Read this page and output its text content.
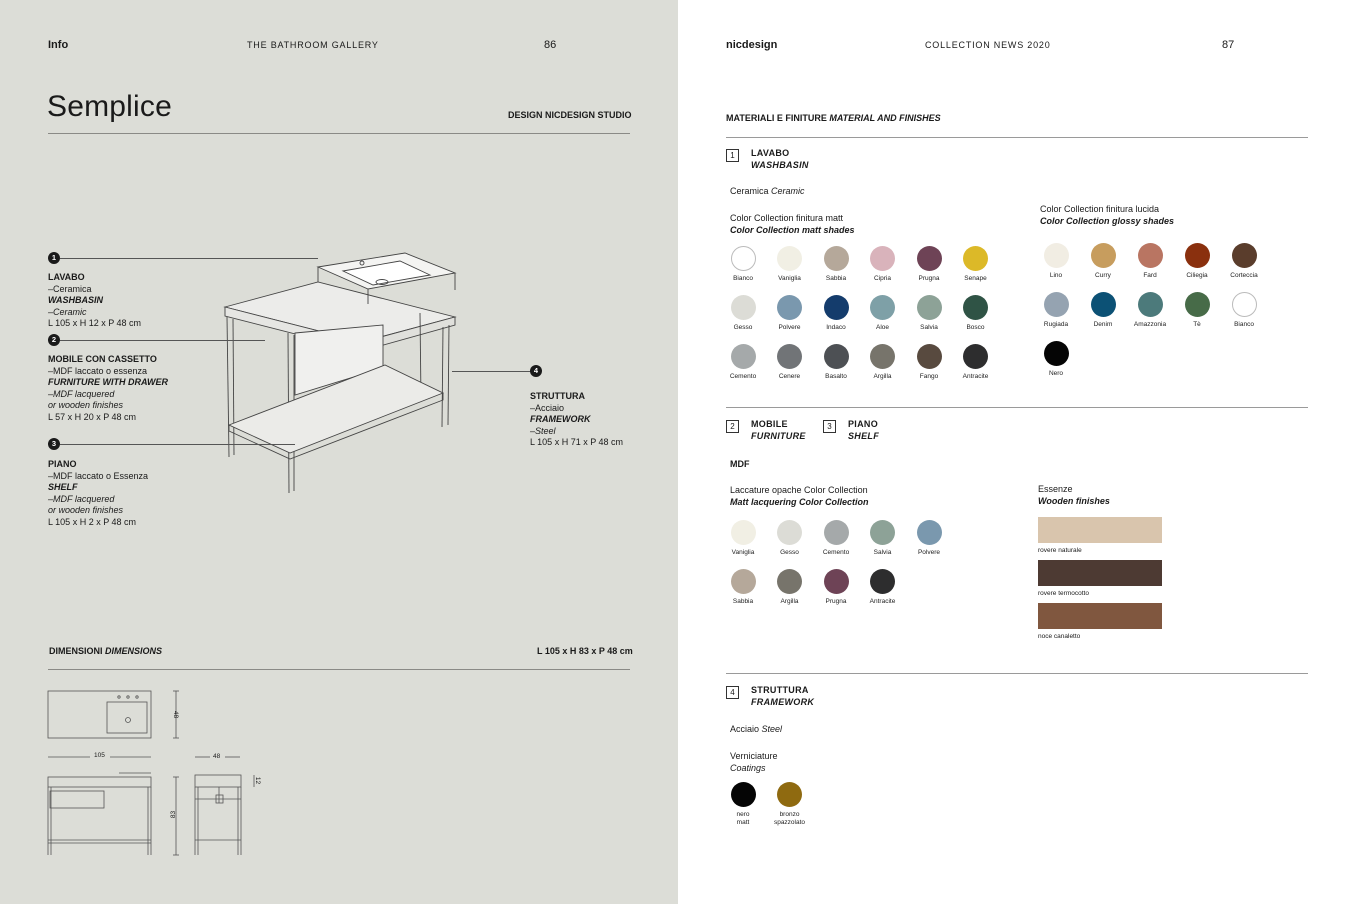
Info	THE BATHROOM GALLERY	86
Semplice	DESIGN NICDESIGN STUDIO
1
LAVABO
–Ceramica
WASHBASIN
–Ceramic
L 105 x H 12 x P 48 cm
2
MOBILE CON CASSETTO
–MDF laccato o essenza
FURNITURE WITH DRAWER
–MDF lacquered
or wooden finishes
L 57 x H 20 x P 48 cm
3
PIANO
–MDF laccato o Essenza
SHELF
–MDF lacquered
or wooden finishes
L 105 x H 2 x P 48 cm
4
STRUTTURA
–Acciaio
FRAMEWORK
–Steel
L 105 x H 71 x P 48 cm
DIMENSIONI DIMENSIONS	L 105 x H 83 x P 48 cm
48
105	48
83
12
nicdesign	COLLECTION NEWS 2020	87
MATERIALI E FINITURE MATERIAL AND FINISHES
1	LAVABO
WASHBASIN
Ceramica Ceramic
Color Collection finitura matt
Color Collection matt shades
Bianco	Vaniglia	Sabbia	Cipria	Prugna	Senape
Gesso	Polvere	Indaco	Aloe	Salvia	Bosco
Cemento	Cenere	Basalto	Argilla	Fango	Antracite
Color Collection finitura lucida
Color Collection glossy shades
Lino	Curry	Fard	Ciliegia	Corteccia
Rugiada	Denim	Amazzonia	Tè	Bianco
Nero
2	MOBILE
FURNITURE
3	PIANO
SHELF
MDF
Laccature opache Color Collection
Matt lacquering Color Collection
Vaniglia	Gesso	Cemento	Salvia	Polvere
Sabbia	Argilla	Prugna	Antracite
Essenze
Wooden finishes
rovere naturale
rovere termocotto
noce canaletto
4	STRUTTURA
FRAMEWORK
Acciaio Steel
Verniciature
Coatings
nero
matt
bronzo
spazzolato
